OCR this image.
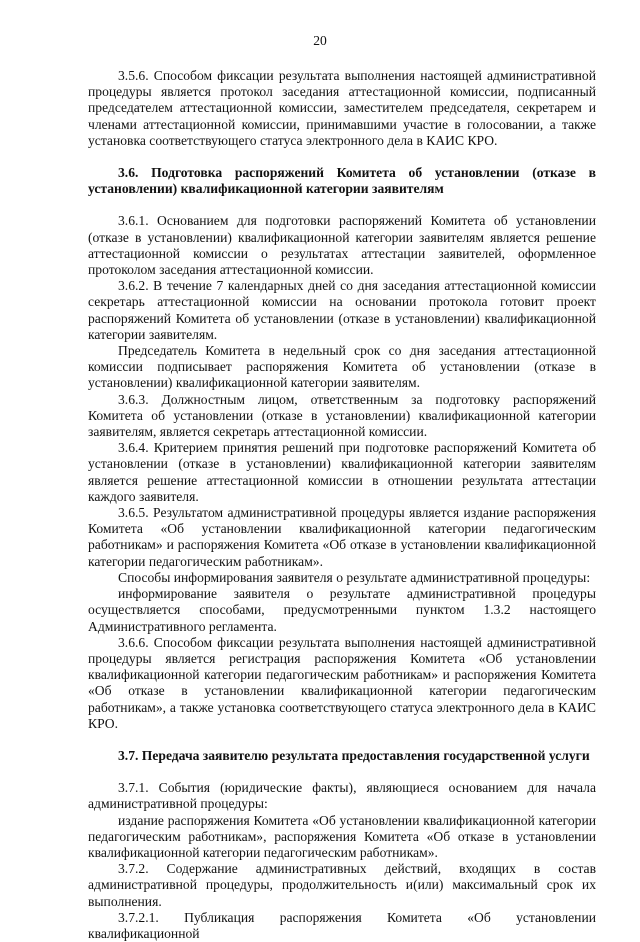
20

3.5.6. Способом фиксации результата выполнения настоящей административной процедуры является протокол заседания аттестационной комиссии, подписанный председателем аттестационной комиссии, заместителем председателя, секретарем и членами аттестационной комиссии, принимавшими участие в голосовании, а также установка соответствующего статуса электронного дела в КАИС КРО.

3.6. Подготовка распоряжений Комитета об установлении (отказе в установлении) квалификационной категории заявителям

3.6.1. Основанием для подготовки распоряжений Комитета об установлении (отказе в установлении) квалификационной категории заявителям является решение аттестационной комиссии о результатах аттестации заявителей, оформленное протоколом заседания аттестационной комиссии.

3.6.2. В течение 7 календарных дней со дня заседания аттестационной комиссии секретарь аттестационной комиссии на основании протокола готовит проект распоряжений Комитета об установлении (отказе в установлении) квалификационной категории заявителям.

Председатель Комитета в недельный срок со дня заседания аттестационной комиссии подписывает распоряжения Комитета об установлении (отказе в установлении) квалификационной категории заявителям.

3.6.3. Должностным лицом, ответственным за подготовку распоряжений Комитета об установлении (отказе в установлении) квалификационной категории заявителям, является секретарь аттестационной комиссии.

3.6.4. Критерием принятия решений при подготовке распоряжений Комитета об установлении (отказе в установлении) квалификационной категории заявителям является решение аттестационной комиссии в отношении результата аттестации каждого заявителя.

3.6.5. Результатом административной процедуры является издание распоряжения Комитета «Об установлении квалификационной категории педагогическим работникам» и распоряжения Комитета «Об отказе в установлении квалификационной категории педагогическим работникам».

Способы информирования заявителя о результате административной процедуры:

информирование заявителя о результате административной процедуры осуществляется способами, предусмотренными пунктом 1.3.2 настоящего Административного регламента.

3.6.6. Способом фиксации результата выполнения настоящей административной процедуры является регистрация распоряжения Комитета «Об установлении квалификационной категории педагогическим работникам» и распоряжения Комитета «Об отказе в установлении квалификационной категории педагогическим работникам», а также установка соответствующего статуса электронного дела в КАИС КРО.

3.7. Передача заявителю результата предоставления государственной услуги

3.7.1. События (юридические факты), являющиеся основанием для начала административной процедуры:

издание распоряжения Комитета «Об установлении квалификационной категории педагогическим работникам», распоряжения Комитета «Об отказе в установлении квалификационной категории педагогическим работникам».

3.7.2. Содержание административных действий, входящих в состав административной процедуры, продолжительность и(или) максимальный срок их выполнения.

3.7.2.1. Публикация распоряжения Комитета «Об установлении квалификационной
